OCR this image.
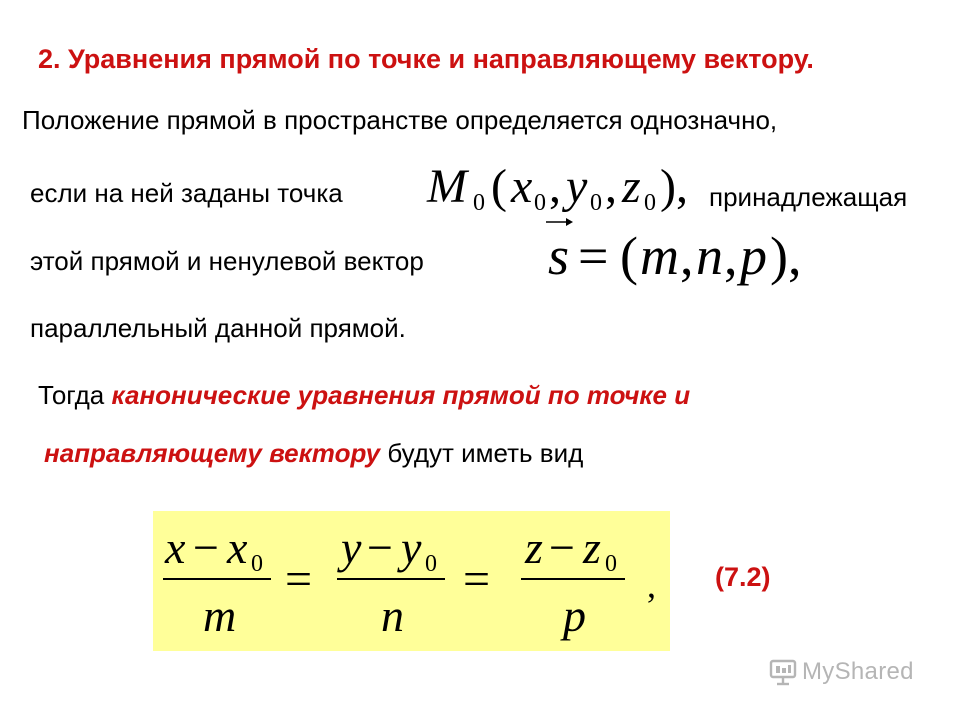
2. Уравнения прямой по точке и направляющему вектору.
Положение прямой в пространстве определяется однозначно,
если на ней заданы точка M 0 ( x 0 , y 0 , z 0 ), принадлежащая
этой прямой и ненулевой вектор s = ( m , n , p ),
параллельный данной прямой.
Тогда канонические уравнения прямой по точке и
направляющему вектору будут иметь вид
x − x 0
m
=
y − y 0
n
=
z − z 0
p
, (7.2)
MyShared
